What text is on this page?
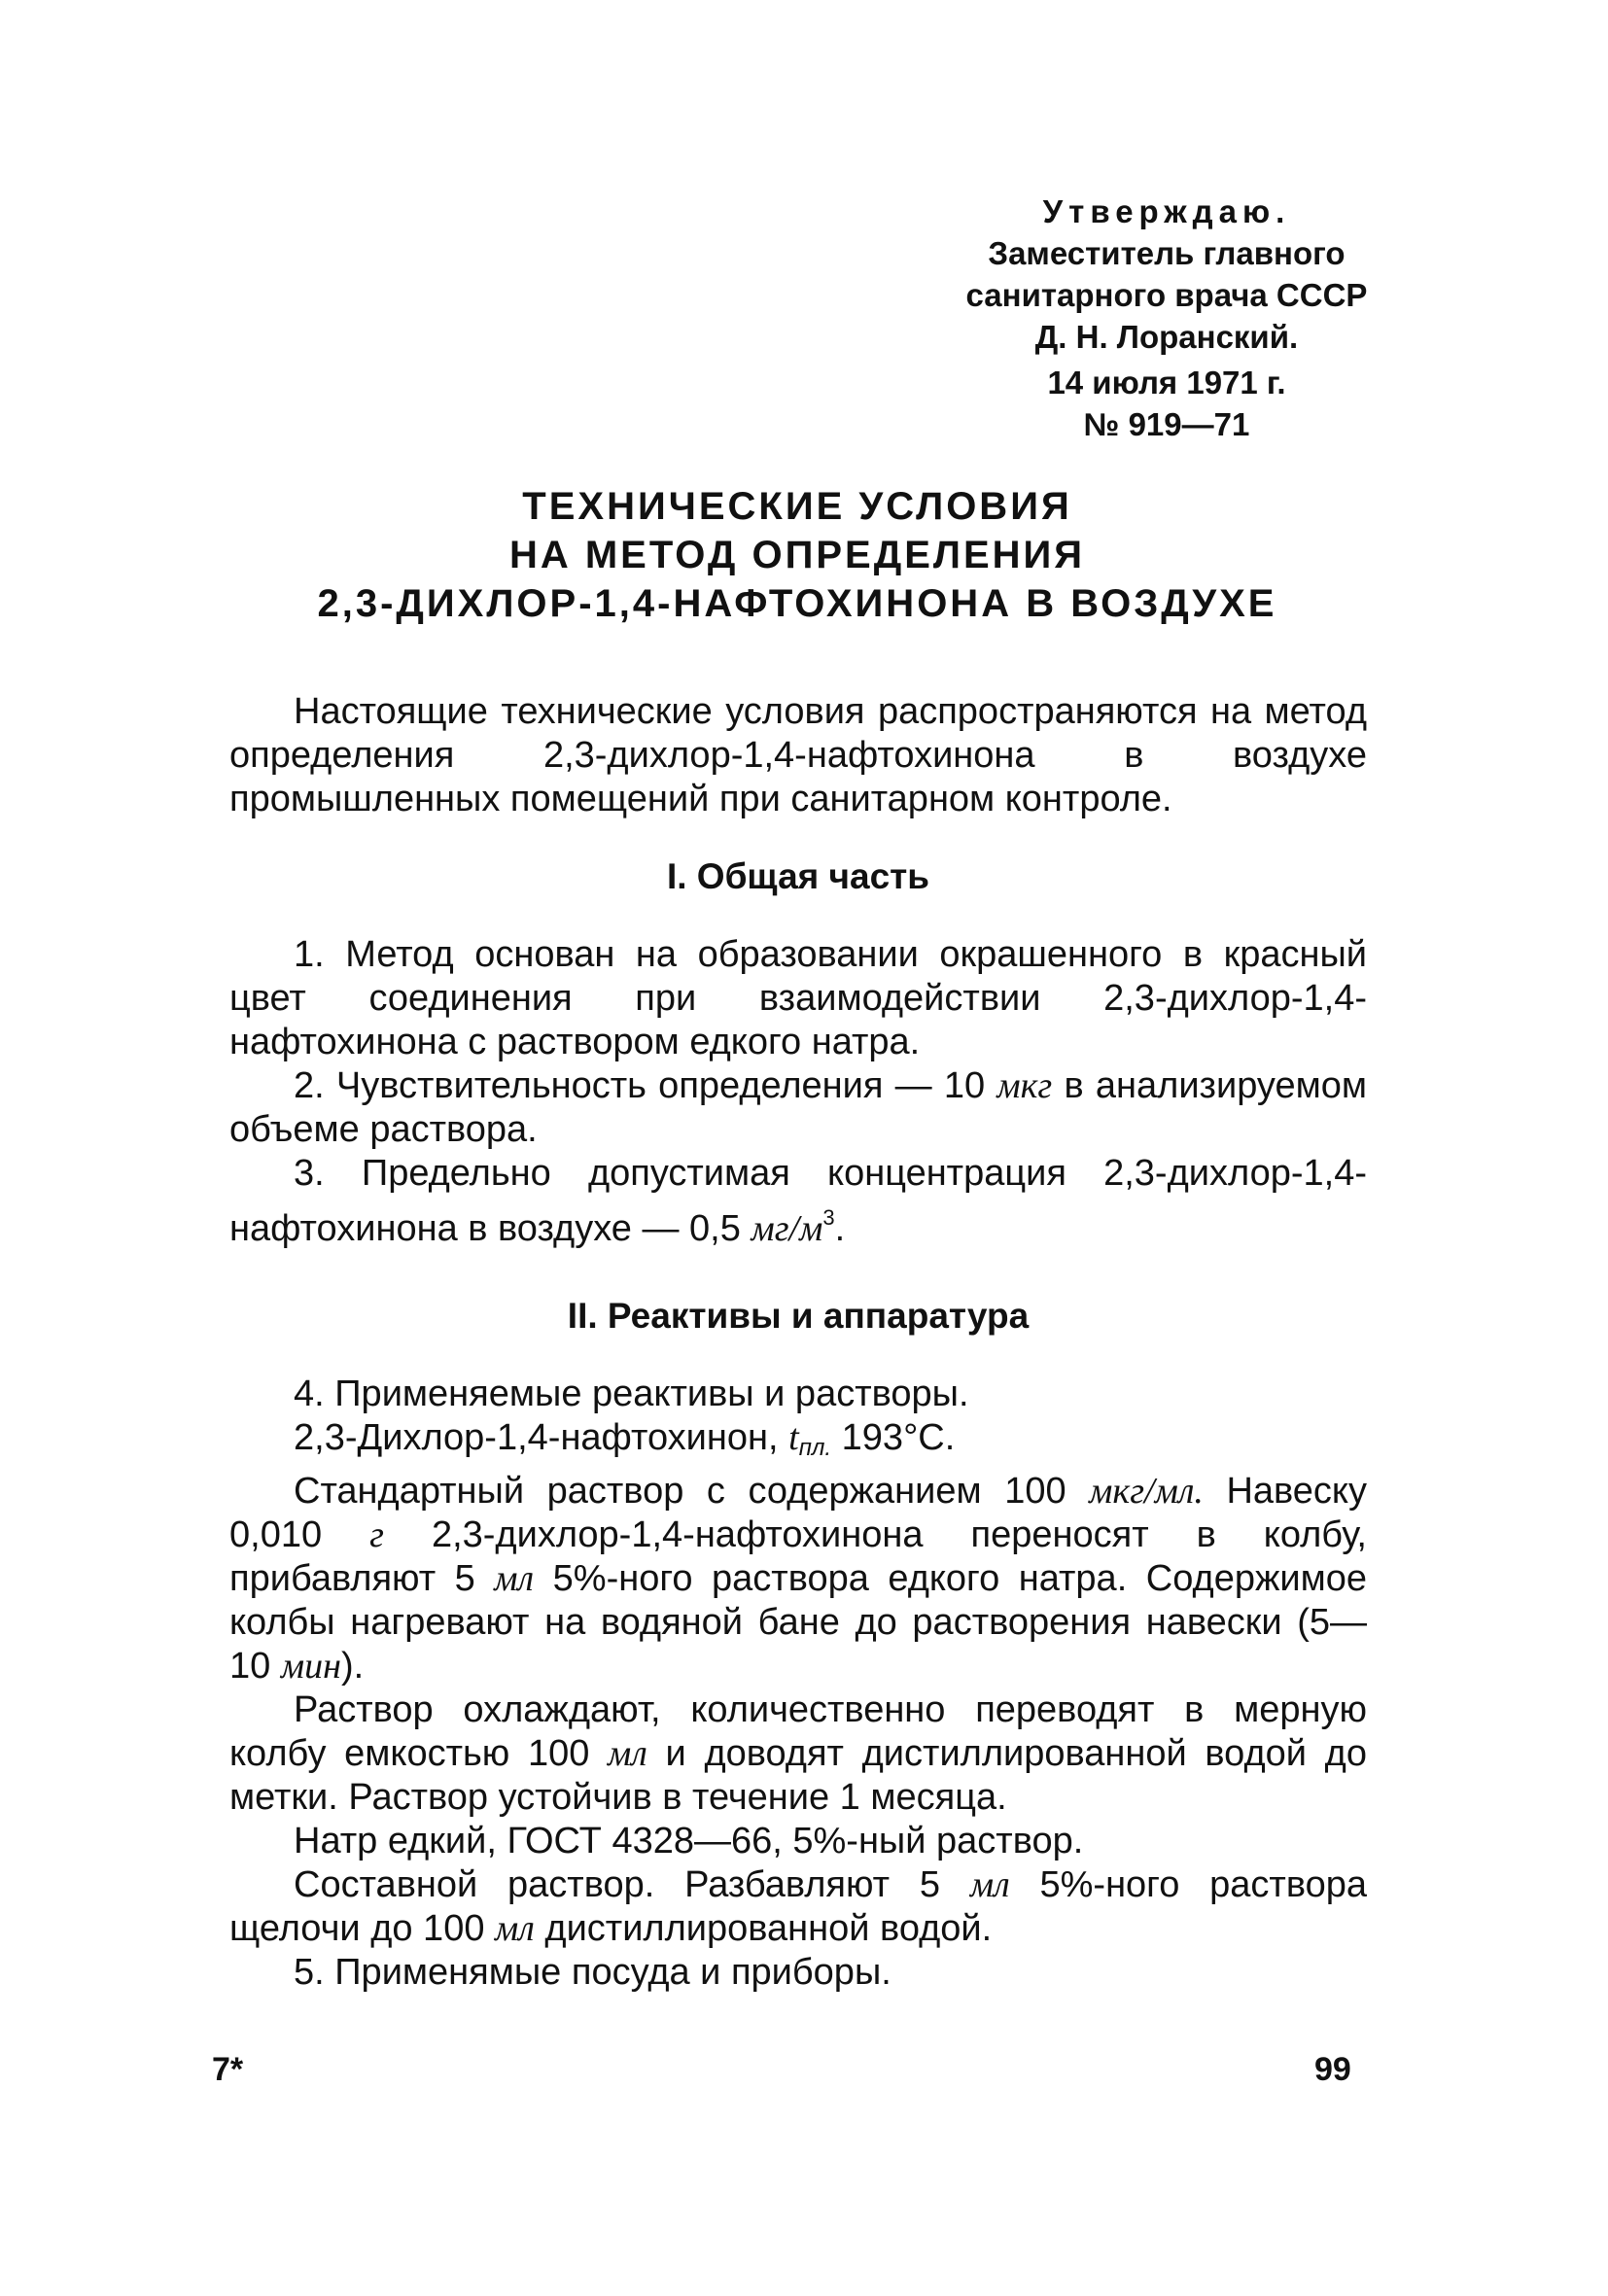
Утверждаю.
Заместитель главного
санитарного врача СССР
Д. Н. Лоранский.
14 июля 1971 г.
№ 919—71
ТЕХНИЧЕСКИЕ УСЛОВИЯ
НА МЕТОД ОПРЕДЕЛЕНИЯ
2,3-ДИХЛОР-1,4-НАФТОХИНОНА В ВОЗДУХЕ

Настоящие технические условия распространяются на метод определения 2,3-дихлор-1,4-нафтохинона в воздухе промышленных помещений при санитарном контроле.

I. Общая часть

1. Метод основан на образовании окрашенного в красный цвет соединения при взаимодействии 2,3-дихлор-1,4-нафтохинона с раствором едкого натра.

2. Чувствительность определения — 10 мкг в анализируемом объеме раствора.

3. Предельно допустимая концентрация 2,3-дихлор-1,4-нафтохинона в воздухе — 0,5 $мг/м^3$.

II. Реактивы и аппаратура

4. Применяемые реактивы и растворы.

2,3-Дихлор-1,4-нафтохинон, $t_{пл.}$ 193°C.

Стандартный раствор с содержанием 100 мкг/мл. Навеску 0,010 г 2,3-дихлор-1,4-нафтохинона переносят в колбу, прибавляют 5 мл 5%-ного раствора едкого натра. Содержимое колбы нагревают на водяной бане до растворения навески (5—10 мин).

Раствор охлаждают, количественно переводят в мерную колбу емкостью 100 мл и доводят дистиллированной водой до метки. Раствор устойчив в течение 1 месяца.

Натр едкий, ГОСТ 4328—66, 5%-ный раствор.

Составной раствор. Разбавляют 5 мл 5%-ного раствора щелочи до 100 мл дистиллированной водой.

5. Применямые посуда и приборы.

7*	99
